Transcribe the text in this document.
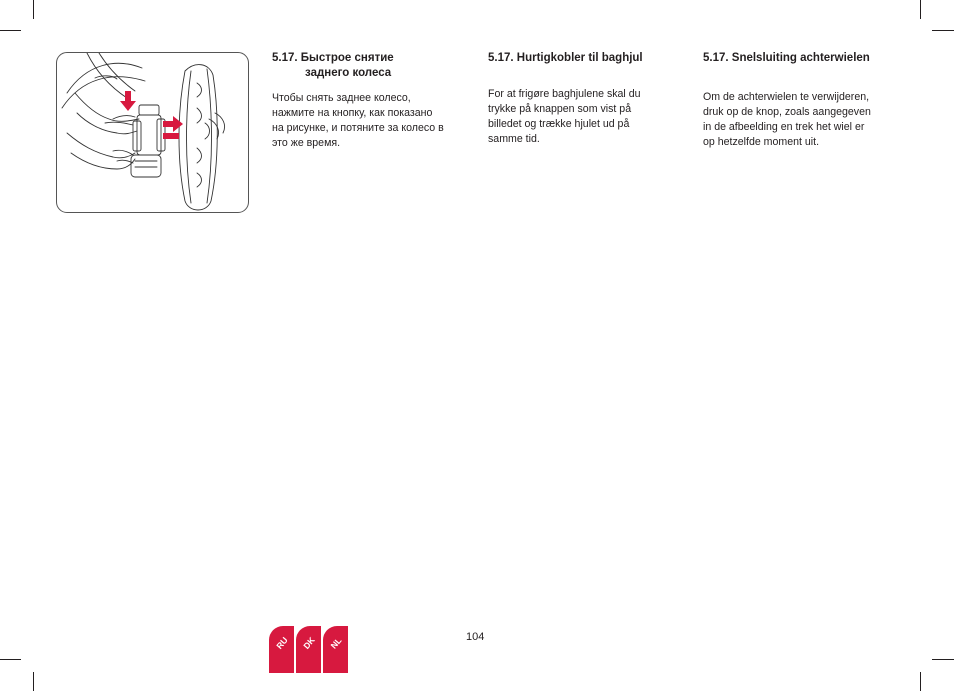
5.17. Быстрое снятие
заднего колеса

Чтобы снять заднее колесо,
нажмите на кнопку, как показано
на рисунке, и потяните за колесо в
это же время.

5.17. Hurtigkobler til baghjul

For at frigøre baghjulene skal du
trykke på knappen som vist på
billedet og trække hjulet ud på
samme tid.

5.17. Snelsluiting achterwielen

Om de achterwielen te verwijderen,
druk op de knop, zoals aangegeven
in de afbeelding en trek het wiel er
op hetzelfde moment uit.

104
RU	DK	NL
